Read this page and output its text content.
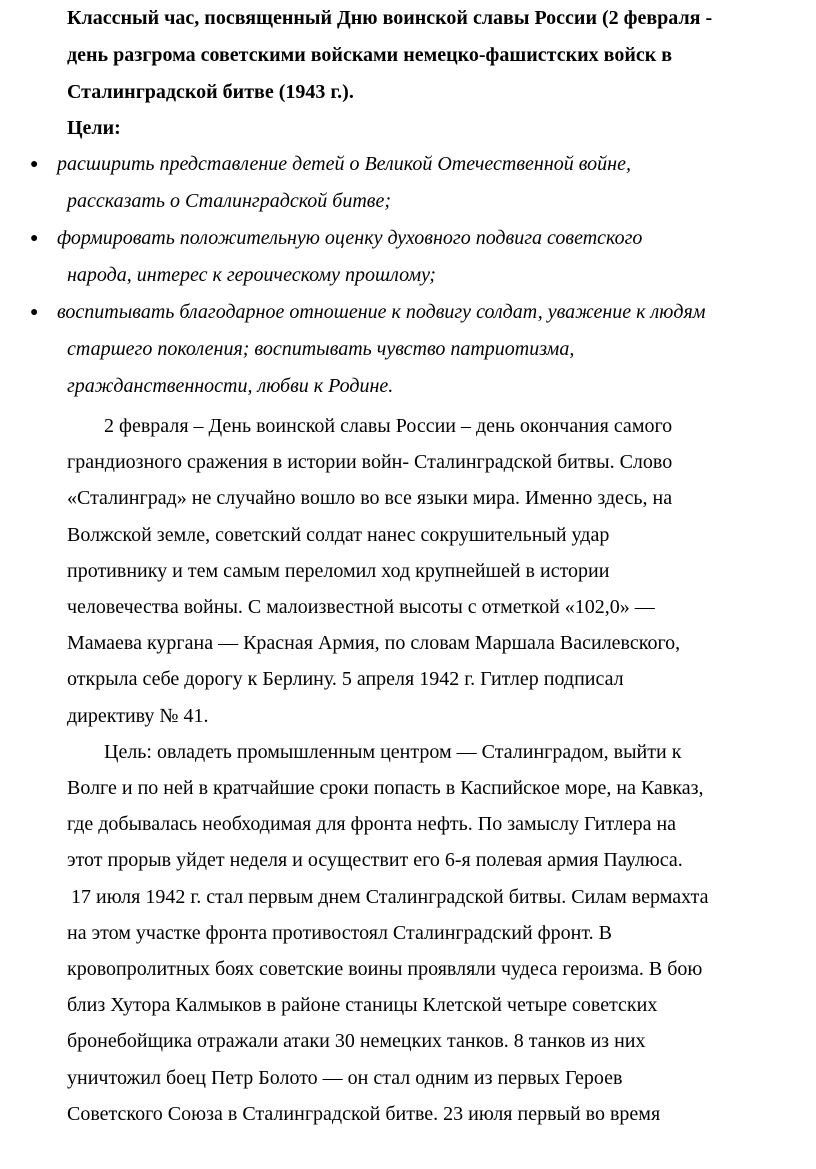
Классный час, посвященный Дню воинской славы России (2 февраля -
день разгрома советскими войсками немецко-фашистских войск в
Сталинградской битве (1943 г.).

Цели:

● расширить представление детей о Великой Отечественной войне,
рассказать о Сталинградской битве;
● формировать положительную оценку духовного подвига советского
народа, интерес к героическому прошлому;
● воспитывать благодарное отношение к подвигу солдат, уважение к людям
старшего поколения; воспитывать чувство патриотизма,
гражданственности, любви к Родине.
2 февраля – День воинской славы России – день окончания самого
грандиозного сражения в истории войн- Сталинградской битвы. Слово
«Сталинград» не случайно вошло во все языки мира. Именно здесь, на
Волжской земле, советский солдат нанес сокрушительный удар
противнику и тем самым переломил ход крупнейшей в истории
человечества войны. С малоизвестной высоты с отметкой «102,0» —
Мамаева кургана — Красная Армия, по словам Маршала Василевского,
открыла себе дорогу к Берлину. 5 апреля 1942 г. Гитлер подписал
директиву № 41.
Цель: овладеть промышленным центром — Сталинградом, выйти к
Волге и по ней в кратчайшие сроки попасть в Каспийское море, на Кавказ,
где добывалась необходимая для фронта нефть. По замыслу Гитлера на
этот прорыв уйдет неделя и осуществит его 6-я полевая армия Паулюса.
17 июля 1942 г. стал первым днем Сталинградской битвы. Силам вермахта
на этом участке фронта противостоял Сталинградский фронт. В
кровопролитных боях советские воины проявляли чудеса героизма. В бою
близ Хутора Калмыков в районе станицы Клетской четыре советских
бронебойщика отражали атаки 30 немецких танков. 8 танков из них
уничтожил боец Петр Болото — он стал одним из первых Героев
Советского Союза в Сталинградской битве. 23 июля первый во время
